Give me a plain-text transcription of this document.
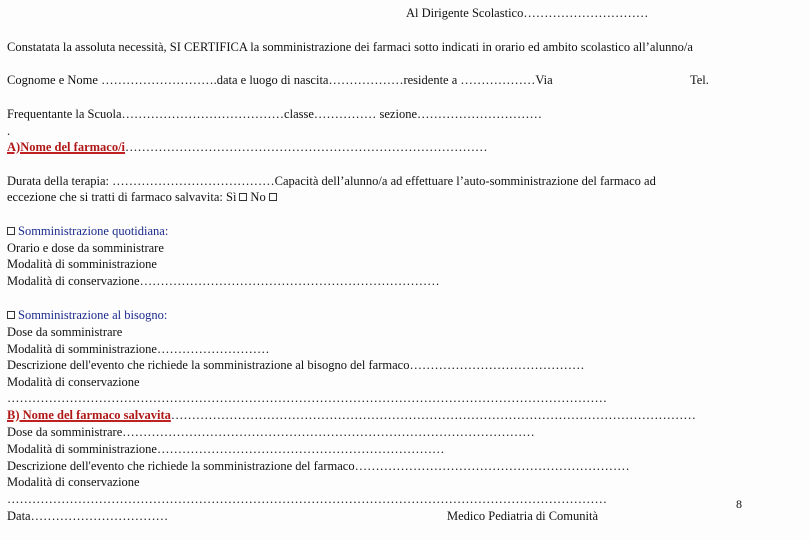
Al Dirigente Scolastico…………………………
Constatata la assoluta necessità, SI CERTIFICA la somministrazione dei farmaci sotto indicati in orario ed ambito scolastico all’alunno/a
Cognome e Nome ……………………….data e luogo di nascita………………residente a ………………Via	Tel.
Frequentante la Scuola…………………………………classe…………… sezione…………………………
.
A)Nome del farmaco/i……………………………………………………………………………
Durata della terapia: …………………………………Capacità dell’alunno/a ad effettuare l’auto-somministrazione del farmaco ad
eccezione che si tratti di farmaco salvavita: Sì No
Somministrazione quotidiana:
Orario e dose da somministrare
Modalità di somministrazione
Modalità di conservazione………………………………………………………………
Somministrazione al bisogno:
Dose da somministrare
Modalità di somministrazione………………………
Descrizione dell'evento che richiede la somministrazione al bisogno del farmaco……………………………………
Modalità di conservazione
………………………………………………………………………………………………………………………………
B) Nome del farmaco salvavita………………………………………………………………………………………………………………
Dose da somministrare………………………………………………………………………………………
Modalità di somministrazione……………………………………………………………
Descrizione dell'evento che richiede la somministrazione del farmaco…………………………………………………………
Modalità di conservazione
………………………………………………………………………………………………………………………………
Data……………………………	Medico Pediatria di Comunità
8
